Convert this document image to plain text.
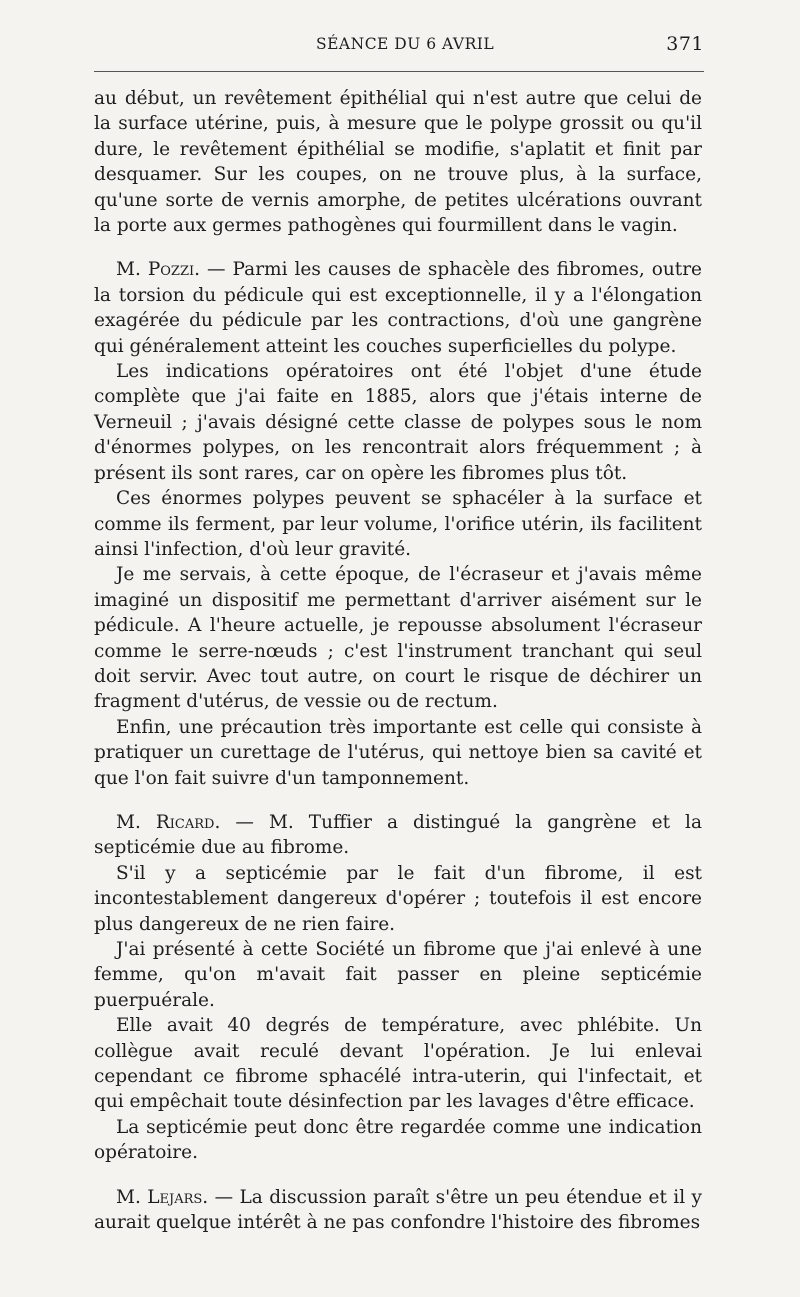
SÉANCE DU 6 AVRIL	371

au début, un revêtement épithélial qui n'est autre que celui de la surface utérine, puis, à mesure que le polype grossit ou qu'il dure, le revêtement épithélial se modifie, s'aplatit et finit par desquamer. Sur les coupes, on ne trouve plus, à la surface, qu'une sorte de vernis amorphe, de petites ulcérations ouvrant la porte aux germes pathogènes qui fourmillent dans le vagin.

M. Pozzi. — Parmi les causes de sphacèle des fibromes, outre la torsion du pédicule qui est exceptionnelle, il y a l'élongation exagérée du pédicule par les contractions, d'où une gangrène qui généralement atteint les couches superficielles du polype.

Les indications opératoires ont été l'objet d'une étude complète que j'ai faite en 1885, alors que j'étais interne de Verneuil ; j'avais désigné cette classe de polypes sous le nom d'énormes polypes, on les rencontrait alors fréquemment ; à présent ils sont rares, car on opère les fibromes plus tôt.

Ces énormes polypes peuvent se sphacéler à la surface et comme ils ferment, par leur volume, l'orifice utérin, ils facilitent ainsi l'infection, d'où leur gravité.

Je me servais, à cette époque, de l'écraseur et j'avais même imaginé un dispositif me permettant d'arriver aisément sur le pédicule. A l'heure actuelle, je repousse absolument l'écraseur comme le serre-nœuds ; c'est l'instrument tranchant qui seul doit servir. Avec tout autre, on court le risque de déchirer un fragment d'utérus, de vessie ou de rectum.

Enfin, une précaution très importante est celle qui consiste à pratiquer un curettage de l'utérus, qui nettoye bien sa cavité et que l'on fait suivre d'un tamponnement.

M. Ricard. — M. Tuffier a distingué la gangrène et la septicémie due au fibrome.

S'il y a septicémie par le fait d'un fibrome, il est incontestablement dangereux d'opérer ; toutefois il est encore plus dangereux de ne rien faire.

J'ai présenté à cette Société un fibrome que j'ai enlevé à une femme, qu'on m'avait fait passer en pleine septicémie puerpuérale.

Elle avait 40 degrés de température, avec phlébite. Un collègue avait reculé devant l'opération. Je lui enlevai cependant ce fibrome sphacélé intra-uterin, qui l'infectait, et qui empêchait toute désinfection par les lavages d'être efficace.

La septicémie peut donc être regardée comme une indication opératoire.

M. Lejars. — La discussion paraît s'être un peu étendue et il y aurait quelque intérêt à ne pas confondre l'histoire des fibromes
